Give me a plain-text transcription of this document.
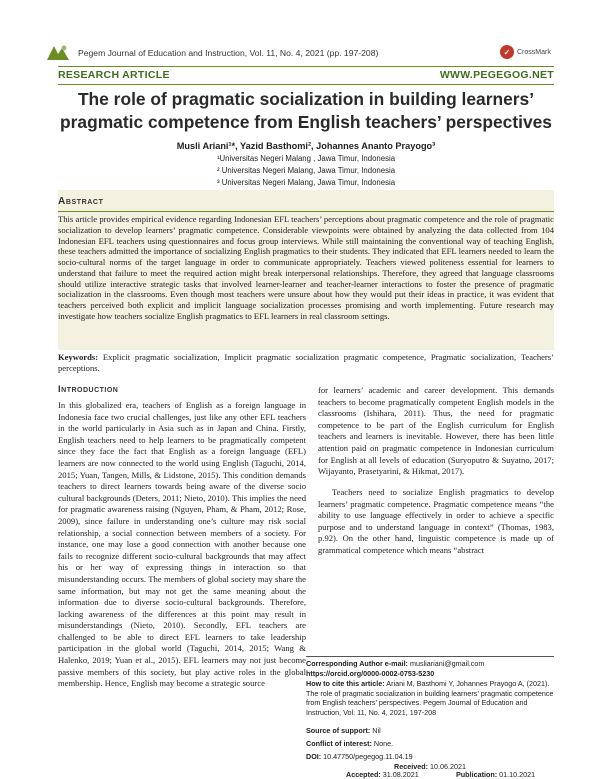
Pegem Journal of Education and Instruction, Vol. 11, No. 4, 2021 (pp. 197-208)	✓ CrossMark
RESEARCH ARTICLE	WWW.PEGEGOG.NET
The role of pragmatic socialization in building learners’ pragmatic competence from English teachers’ perspectives
Musli Ariani¹*, Yazid Basthomi², Johannes Ananto Prayogo³
¹Universitas Negeri Malang , Jawa Timur, Indonesia
² Universitas Negeri Malang, Jawa Timur, Indonesia
³ Universitas Negeri Malang, Jawa Timur, Indonesia
Abstract
This article provides empirical evidence regarding Indonesian EFL teachers’ perceptions about pragmatic competence and the role of pragmatic socialization to develop learners’ pragmatic competence. Considerable viewpoints were obtained by analyzing the data collected from 104 Indonesian EFL teachers using questionnaires and focus group interviews. While still maintaining the conventional way of teaching English, these teachers admitted the importance of socializing English pragmatics to their students. They indicated that EFL learners needed to learn the socio-cultural norms of the target language in order to communicate appropriately. Teachers viewed politeness essential for learners to understand that failure to meet the required action might break interpersonal relationships. Therefore, they agreed that language classrooms should utilize interactive strategic tasks that involved learner-learner and teacher-learner interactions to foster the presence of pragmatic socialization in the classrooms. Even though most teachers were unsure about how they would put their ideas in practice, it was evident that teachers perceived both explicit and implicit language socialization processes promising and worth implementing. Future research may investigate how teachers socialize English pragmatics to EFL learners in real classroom settings.
Keywords: Explicit pragmatic socialization, Implicit pragmatic socialization pragmatic competence, Pragmatic socialization, Teachers’ perceptions.
Introduction
In this globalized era, teachers of English as a foreign language in Indonesia face two crucial challenges, just like any other EFL teachers in the world particularly in Asia such as in Japan and China. Firstly, English teachers need to help learners to be pragmatically competent since they face the fact that English as a foreign language (EFL) learners are now connected to the world using English (Taguchi, 2014, 2015; Yuan, Tangen, Mills, & Lidstone, 2015). This condition demands teachers to direct learners towards being aware of the diverse socio cultural backgrounds (Deters, 2011; Nieto, 2010). This implies the need for pragmatic awareness raising (Nguyen, Pham, & Pham, 2012; Rose, 2009), since failure in understanding one’s culture may risk social relationship, a social connection between members of a society. For instance, one may lose a good connection with another because one fails to recognize different socio-cultural backgrounds that may affect his or her way of expressing things in interaction so that misunderstanding occurs. The members of global society may share the same information, but may not get the same meaning about the information due to diverse socio-cultural backgrounds. Therefore, lacking awareness of the differences at this point may result in misunderstandings (Nieto, 2010). Secondly, EFL teachers are challenged to be able to direct EFL learners to take leadership participation in the global world (Taguchi, 2014, 2015; Wang & Halenko, 2019; Yuan et al., 2015). EFL learners may not just become passive members of this society, but play active roles in the global membership. Hence, English may become a strategic source
for learners’ academic and career development. This demands teachers to become pragmatically competent English models in the classrooms (Ishihara, 2011). Thus, the need for pragmatic competence to be part of the English curriculum for English teachers and learners is inevitable. However, there has been little attention paid on pragmatic competence in Indonesian curriculum for English at all levels of education (Suryoputro & Suyatno, 2017; Wijayanto, Prasetyarini, & Hikmat, 2017).
Teachers need to socialize English pragmatics to develop learners’ pragmatic competence. Pragmatic competence means “the ability to use language effectively in order to achieve a specific purpose and to understand language in context” (Thomas, 1983, p.92). On the other hand, linguistic competence is made up of grammatical competence which means “abstract
Corresponding Author e-mail: musliariani@gmail.com
https://orcid.org/0000-0002-0753-5230
How to cite this article: Ariani M, Basthomi Y, Johannes Prayogo A, (2021). The role of pragmatic socialization in building learners’ pragmatic competence from English teachers’ perspectives. Pegem Journal of Education and Instruction, Vol. 11, No. 4, 2021, 197-208
Source of support: Nil
Conflict of interest: None.
DOI: 10.47750/pegegog.11.04.19
Received: 10.06.2021
Accepted: 31.08.2021	Publication: 01.10.2021
